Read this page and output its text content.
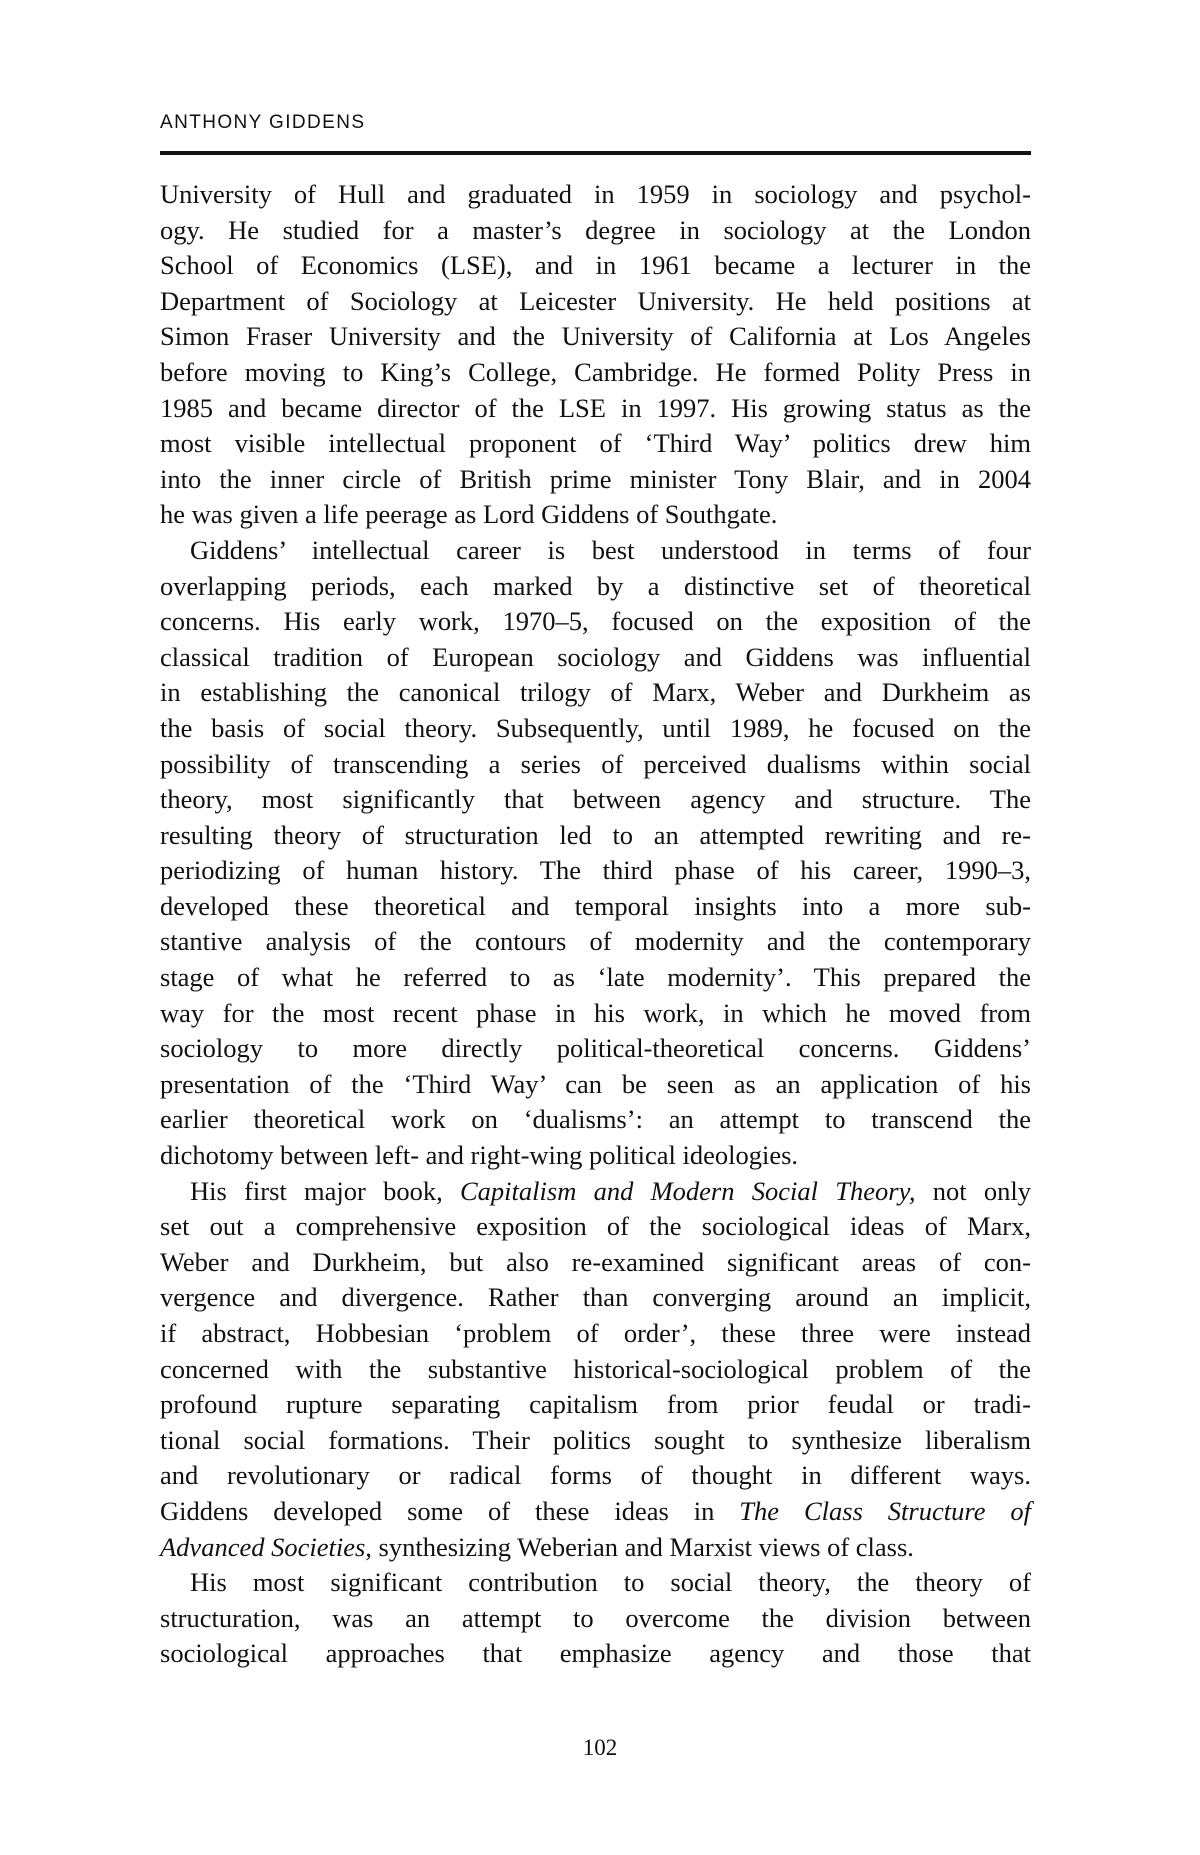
ANTHONY GIDDENS
University of Hull and graduated in 1959 in sociology and psychol-
ogy. He studied for a master’s degree in sociology at the London
School of Economics (LSE), and in 1961 became a lecturer in the
Department of Sociology at Leicester University. He held positions at
Simon Fraser University and the University of California at Los Angeles
before moving to King’s College, Cambridge. He formed Polity Press in
1985 and became director of the LSE in 1997. His growing status as the
most visible intellectual proponent of ‘Third Way’ politics drew him
into the inner circle of British prime minister Tony Blair, and in 2004
he was given a life peerage as Lord Giddens of Southgate.
Giddens’ intellectual career is best understood in terms of four
overlapping periods, each marked by a distinctive set of theoretical
concerns. His early work, 1970–5, focused on the exposition of the
classical tradition of European sociology and Giddens was influential
in establishing the canonical trilogy of Marx, Weber and Durkheim as
the basis of social theory. Subsequently, until 1989, he focused on the
possibility of transcending a series of perceived dualisms within social
theory, most significantly that between agency and structure. The
resulting theory of structuration led to an attempted rewriting and re-
periodizing of human history. The third phase of his career, 1990–3,
developed these theoretical and temporal insights into a more sub-
stantive analysis of the contours of modernity and the contemporary
stage of what he referred to as ‘late modernity’. This prepared the
way for the most recent phase in his work, in which he moved from
sociology to more directly political-theoretical concerns. Giddens’
presentation of the ‘Third Way’ can be seen as an application of his
earlier theoretical work on ‘dualisms’: an attempt to transcend the
dichotomy between left- and right-wing political ideologies.
His first major book, Capitalism and Modern Social Theory, not only
set out a comprehensive exposition of the sociological ideas of Marx,
Weber and Durkheim, but also re-examined significant areas of con-
vergence and divergence. Rather than converging around an implicit,
if abstract, Hobbesian ‘problem of order’, these three were instead
concerned with the substantive historical-sociological problem of the
profound rupture separating capitalism from prior feudal or tradi-
tional social formations. Their politics sought to synthesize liberalism
and revolutionary or radical forms of thought in different ways.
Giddens developed some of these ideas in The Class Structure of
Advanced Societies, synthesizing Weberian and Marxist views of class.
His most significant contribution to social theory, the theory of
structuration, was an attempt to overcome the division between
sociological approaches that emphasize agency and those that
102
